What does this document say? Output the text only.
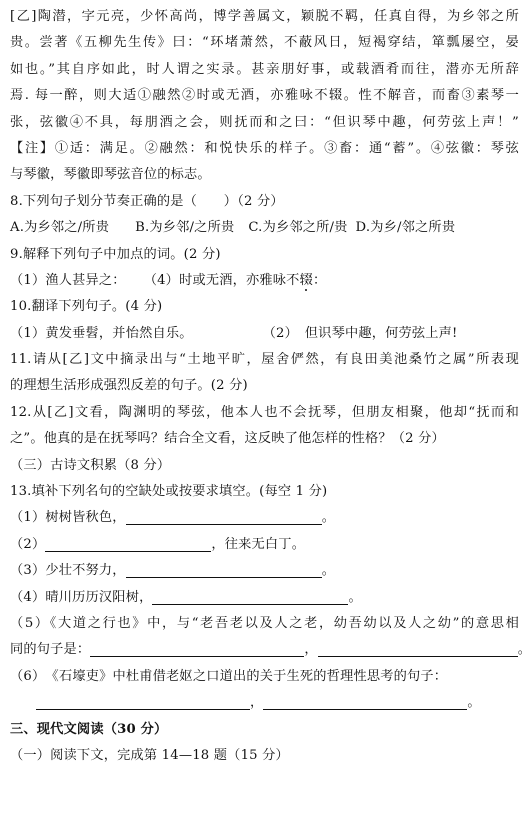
[乙]陶潜，字元亮，少怀高尚，博学善属文，颖脱不羁，任真自得，为乡邻之所
贵。尝著《五柳先生传》曰：“环堵萧然，不蔽风日，短褐穿结，箪瓢屡空，晏
如也。”其自序如此，时人谓之实录。甚亲朋好事，或载酒肴而往，潜亦无所辞
焉. 每一醉，则大适①融然②时或无酒，亦雅咏不辍。性不解音，而畜③素琴一
张，弦徽④不具，每朋酒之会，则抚而和之曰：“但识琴中趣，何劳弦上声！”
【注】①适：满足。②融然：和悦快乐的样子。③畜：通“蓄”。④弦徽：琴弦
与琴徽，琴徽即琴弦音位的标志。
8.下列句子划分节奏正确的是（　　）（2 分）
A.为乡邻之/所贵 B.为乡邻/之所贵 C.为乡邻之所/贵 D.为乡/邻之所贵
9.解释下列句子中加点的词。(2 分)
（1）渔人甚异之： （4）时或无酒，亦雅咏不辍：
10.翻译下列句子。(4 分)
（1）黄发垂髫，并怡然自乐。	（2）　但识琴中趣，何劳弦上声!
11.请从[乙]文中摘录出与“土地平旷，屋舍俨然，有良田美池桑竹之属”所表现
的理想生活形成强烈反差的句子。(2 分)
12.从[乙]文看，陶渊明的琴弦，他本人也不会抚琴，但朋友相聚，他却“抚而和
之”。他真的是在抚琴吗？结合全文看，这反映了他怎样的性格？（2 分）
（三）古诗文积累（8 分）
13.填补下列名句的空缺处或按要求填空。(每空 1 分)
（1）树树皆秋色，	。
（2）	，往来无白丁。
（3）少壮不努力，	。
（4）晴川历历汉阳树，	。
（5）《大道之行也》中，与“老吾老以及人之老，幼吾幼以及人之幼”的意思相
同的句子是：	，	。
（6）　《石壕吏》中杜甫借老妪之口道出的关于生死的哲理性思考的句子：
，	。
三、现代文阅读（30 分）
（一）阅读下文，完成第 14—18 题（15 分）
